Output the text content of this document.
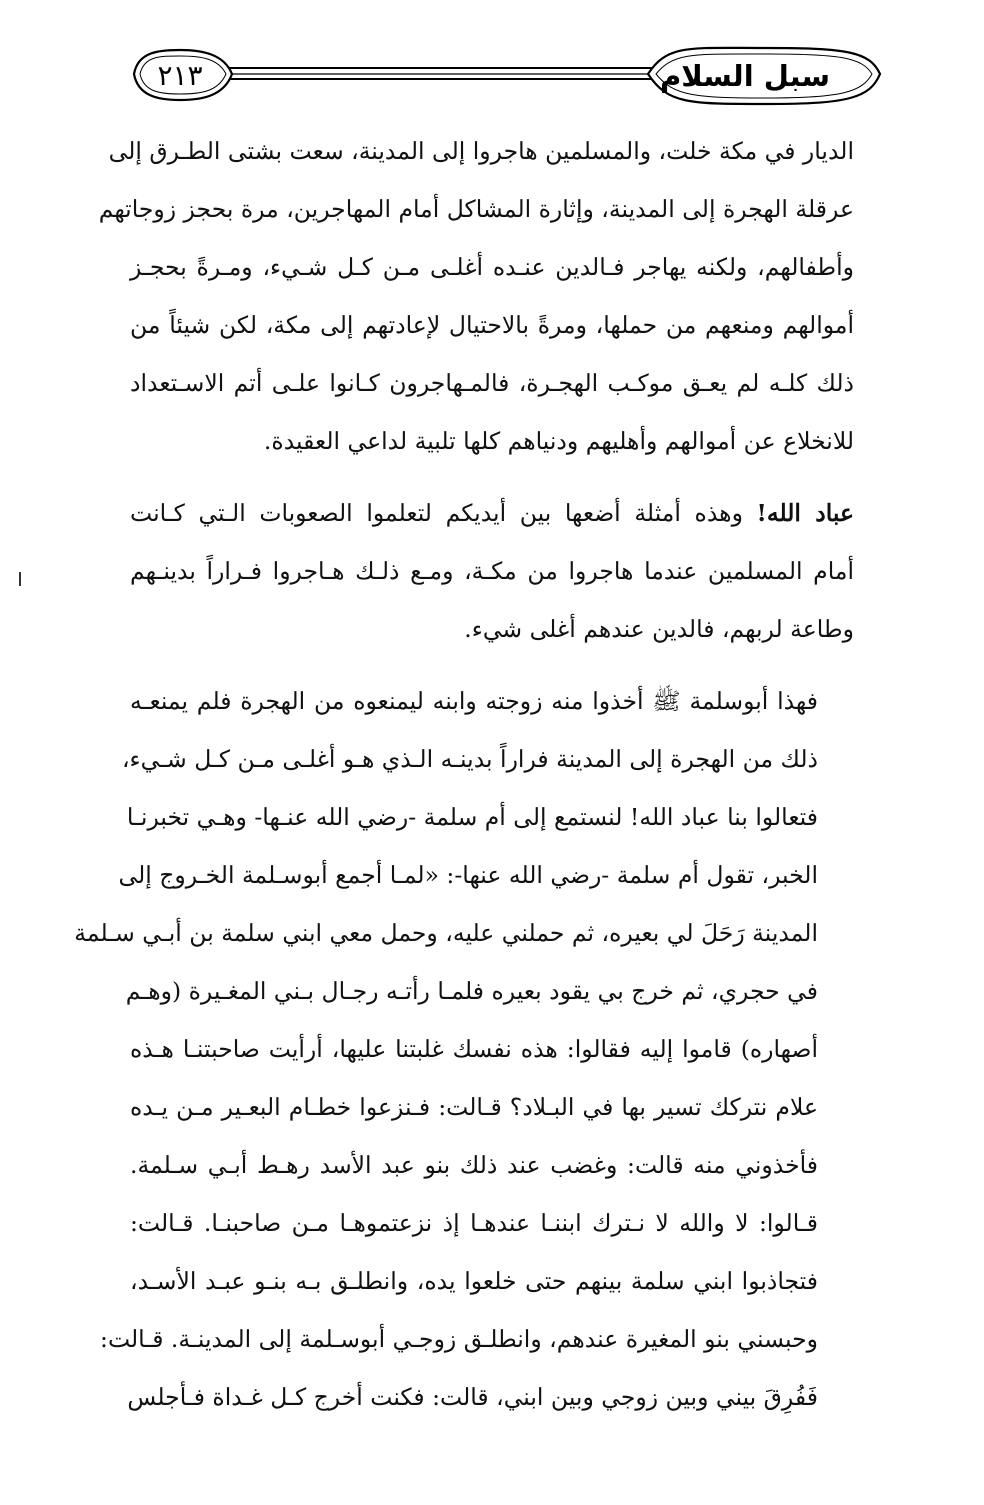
سبل السلام
٢١٣
الديار في مكة خلت، والمسلمين هاجروا إلى المدينة، سعت بشتى الطـرق إلى
عرقلة الهجرة إلى المدينة، وإثارة المشاكل أمام المهاجرين، مرة بحجز زوجاتهم
وأطفالهم، ولكنه يهاجر فـالدين عنـده أغلـى مـن كـل شـيء، ومـرةً بحجـز
أموالهم ومنعهم من حملها، ومرةً بالاحتيال لإعادتهم إلى مكة، لكن شيئاً من
ذلك كلـه لم يعـق موكـب الهجـرة، فالمـهاجرون كـانوا علـى أتم الاسـتعداد
للانخلاع عن أموالهم وأهليهم ودنياهم كلها تلبية لداعي العقيدة.
عباد الله! وهذه أمثلة أضعها بين أيديكم لتعلموا الصعوبات الـتي كـانت
أمام المسلمين عندما هاجروا من مكـة، ومـع ذلـك هـاجروا فـراراً بدينـهم
وطاعة لربهم، فالدين عندهم أغلى شيء.
فهذا أبوسلمة ﷺ أخذوا منه زوجته وابنه ليمنعوه من الهجرة فلم يمنعـه
ذلك من الهجرة إلى المدينة فراراً بدينـه الـذي هـو أغلـى مـن كـل شـيء،
فتعالوا بنا عباد الله! لنستمع إلى أم سلمة -رضي الله عنـها- وهـي تخبرنـا
الخبر، تقول أم سلمة -رضي الله عنها-: «لمـا أجمع أبوسـلمة الخـروج إلى
المدينة رَحَلَ لي بعيره، ثم حملني عليه، وحمل معي ابني سلمة بن أبـي سـلمة
في حجري، ثم خرج بي يقود بعيره فلمـا رأتـه رجـال بـني المغـيرة (وهـم
أصهاره) قاموا إليه فقالوا: هذه نفسك غلبتنا عليها، أرأيت صاحبتنـا هـذه
علام نتركك تسير بها في البـلاد؟ قـالت: فـنزعوا خطـام البعـير مـن يـده
فأخذوني منه قالت: وغضب عند ذلك بنو عبد الأسد رهـط أبـي سـلمة.
قـالوا: لا والله لا نـترك ابننـا عندهـا إذ نزعتموهـا مـن صاحبنـا. قـالت:
فتجاذبوا ابني سلمة بينهم حتى خلعوا يده، وانطلـق بـه بنـو عبـد الأسـد،
وحبسني بنو المغيرة عندهم، وانطلـق زوجـي أبوسـلمة إلى المدينـة. قـالت:
فَفُرِقَ بيني وبين زوجي وبين ابني، قالت: فكنت أخرج كـل غـداة فـأجلس
